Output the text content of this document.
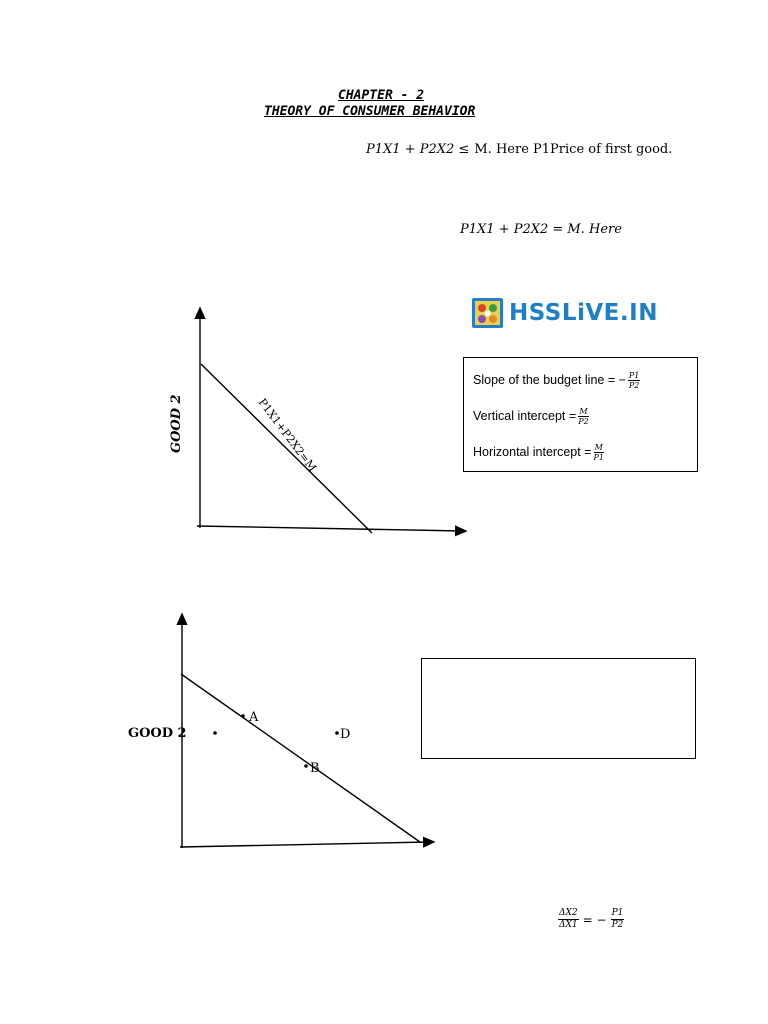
CHAPTER - 2
THEORY OF CONSUMER BEHAVIOR
P1X1 + P2X2 ≤ M. Here P1Price of first good.
P1X1 + P2X2 = M. Here
HSSLiVE.IN
Slope of the budget line = − $\frac{P1}{P2}$
Vertical intercept = $\frac{M}{P2}$
Horizontal intercept = $\frac{M}{P1}$
GOOD 2	P1X1+P2X2=M
GOOD 2
A
D
B
$\frac{\Delta X2}{\Delta X1}$ = − $\frac{P1}{P2}$
